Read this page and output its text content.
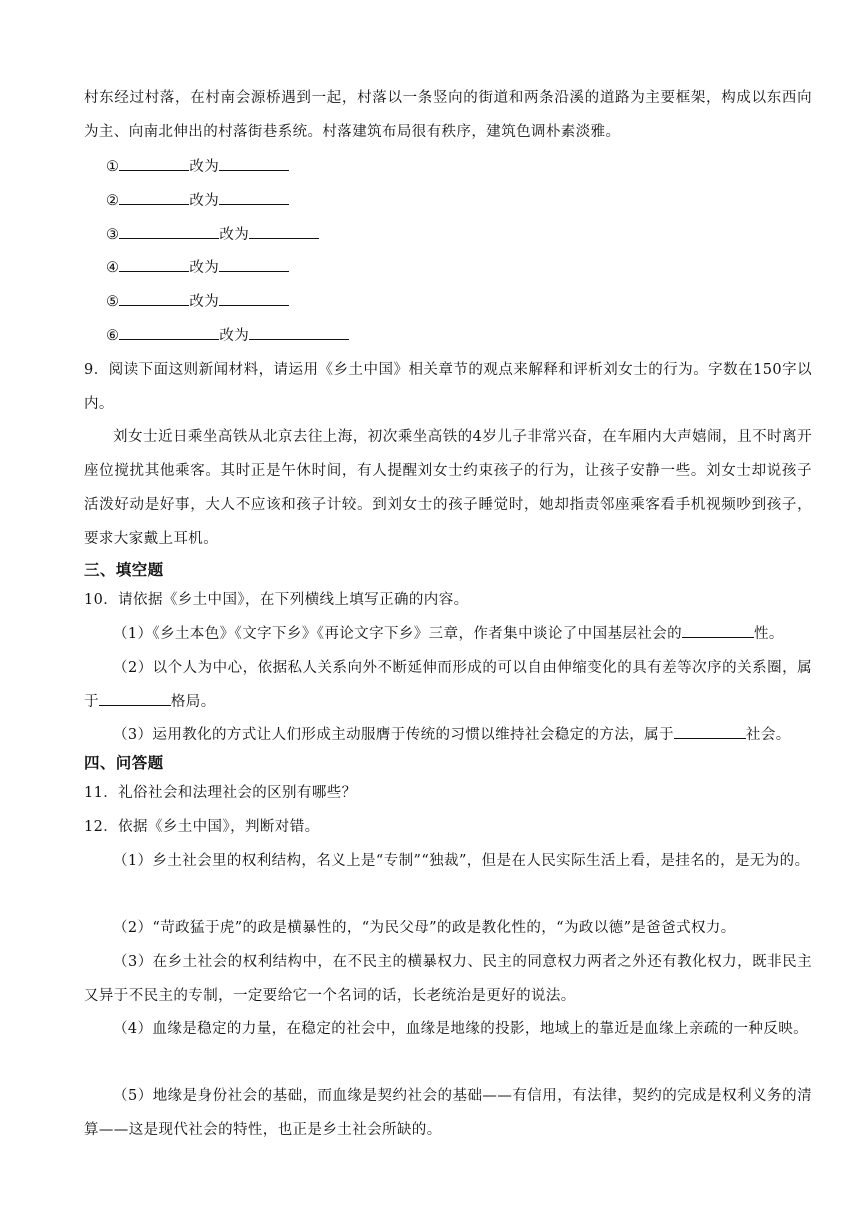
村东经过村落，在村南会源桥遇到一起，村落以一条竖向的街道和两条沿溪的道路为主要框架，构成以东西向为主、向南北伸出的村落街巷系统。村落建筑布局很有秩序，建筑色调朴素淡雅。

①	改为
②	改为
③	改为
④	改为
⑤	改为
⑥	改为

9．阅读下面这则新闻材料，请运用《乡土中国》相关章节的观点来解释和评析刘女士的行为。字数在150字以内。

刘女士近日乘坐高铁从北京去往上海，初次乘坐高铁的4岁儿子非常兴奋，在车厢内大声嬉闹，且不时离开座位搅扰其他乘客。其时正是午休时间，有人提醒刘女士约束孩子的行为，让孩子安静一些。刘女士却说孩子活泼好动是好事，大人不应该和孩子计较。到刘女士的孩子睡觉时，她却指责邻座乘客看手机视频吵到孩子，要求大家戴上耳机。

三、填空题

10．请依据《乡土中国》，在下列横线上填写正确的内容。

（1）《乡土本色》《文字下乡》《再论文字下乡》三章，作者集中谈论了中国基层社会的	性。

（2）以个人为中心，依据私人关系向外不断延伸而形成的可以自由伸缩变化的具有差等次序的关系圈，属于	格局。

（3）运用教化的方式让人们形成主动服膺于传统的习惯以维持社会稳定的方法，属于	社会。

四、问答题

11．礼俗社会和法理社会的区别有哪些？

12．依据《乡土中国》，判断对错。

（1）乡土社会里的权利结构，名义上是“专制”“独裁”，但是在人民实际生活上看，是挂名的，是无为的。

（2）“苛政猛于虎”的政是横暴性的，“为民父母”的政是教化性的，“为政以德”是爸爸式权力。

（3）在乡土社会的权利结构中，在不民主的横暴权力、民主的同意权力两者之外还有教化权力，既非民主又异于不民主的专制，一定要给它一个名词的话，长老统治是更好的说法。

（4）血缘是稳定的力量，在稳定的社会中，血缘是地缘的投影，地域上的靠近是血缘上亲疏的一种反映。

（5）地缘是身份社会的基础，而血缘是契约社会的基础——有信用，有法律，契约的完成是权利义务的清算——这是现代社会的特性，也正是乡土社会所缺的。
